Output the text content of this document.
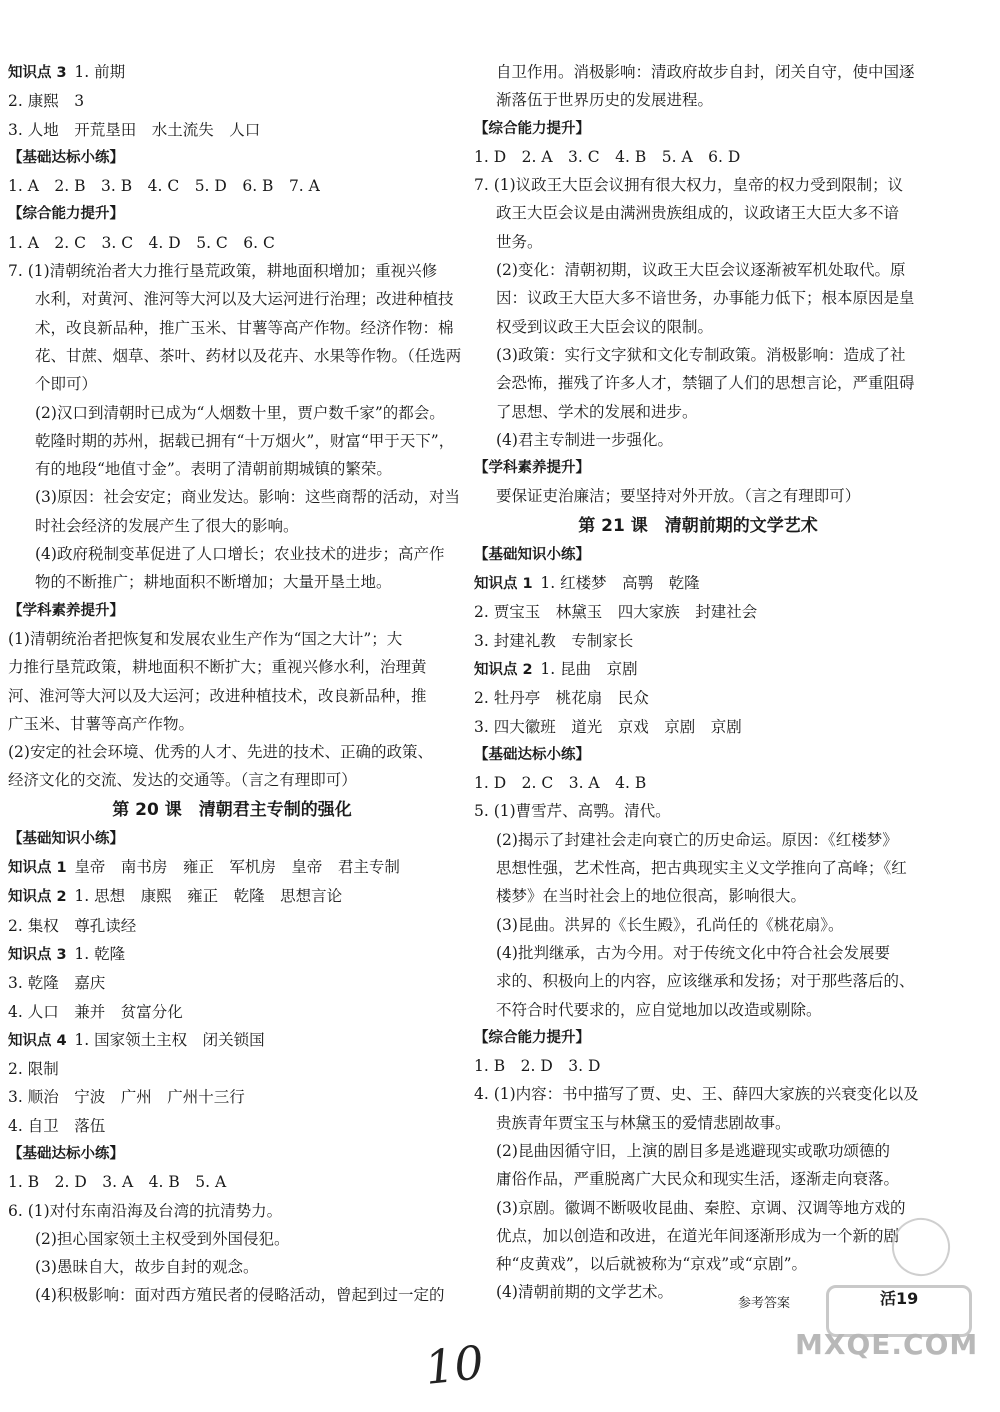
知识点 3  1. 前期
2. 康熙　3
3. 人地　开荒垦田　水土流失　人口
【基础达标小练】
1. A　2. B　3. B　4. C　5. D　6. B　7. A
【综合能力提升】
1. A　2. C　3. C　4. D　5. C　6. C
7. (1)清朝统治者大力推行垦荒政策，耕地面积增加；重视兴修
水利，对黄河、淮河等大河以及大运河进行治理；改进种植技
术，改良新品种，推广玉米、甘薯等高产作物。经济作物：棉
花、甘蔗、烟草、茶叶、药材以及花卉、水果等作物。（任选两
个即可）
(2)汉口到清朝时已成为“人烟数十里，贾户数千家”的都会。
乾隆时期的苏州，据载已拥有“十万烟火”，财富“甲于天下”，
有的地段“地值寸金”。表明了清朝前期城镇的繁荣。
(3)原因：社会安定；商业发达。影响：这些商帮的活动，对当
时社会经济的发展产生了很大的影响。
(4)政府税制变革促进了人口增长；农业技术的进步；高产作
物的不断推广；耕地面积不断增加；大量开垦土地。
【学科素养提升】
(1)清朝统治者把恢复和发展农业生产作为“国之大计”；大
力推行垦荒政策，耕地面积不断扩大；重视兴修水利，治理黄
河、淮河等大河以及大运河；改进种植技术，改良新品种，推
广玉米、甘薯等高产作物。
(2)安定的社会环境、优秀的人才、先进的技术、正确的政策、
经济文化的交流、发达的交通等。（言之有理即可）
第 20 课　清朝君主专制的强化
【基础知识小练】
知识点 1  皇帝　南书房　雍正　军机房　皇帝　君主专制
知识点 2  1. 思想　康熙　雍正　乾隆　思想言论
2. 集权　尊孔读经
知识点 3  1. 乾隆
3. 乾隆　嘉庆
4. 人口　兼并　贫富分化
知识点 4  1. 国家领土主权　闭关锁国
2. 限制
3. 顺治　宁波　广州　广州十三行
4. 自卫　落伍
【基础达标小练】
1. B　2. D　3. A　4. B　5. A
6. (1)对付东南沿海及台湾的抗清势力。
(2)担心国家领土主权受到外国侵犯。
(3)愚昧自大，故步自封的观念。
(4)积极影响：面对西方殖民者的侵略活动，曾起到过一定的
自卫作用。消极影响：清政府故步自封，闭关自守，使中国逐
渐落伍于世界历史的发展进程。
【综合能力提升】
1. D　2. A　3. C　4. B　5. A　6. D
7. (1)议政王大臣会议拥有很大权力，皇帝的权力受到限制；议
政王大臣会议是由满洲贵族组成的，议政诸王大臣大多不谙
世务。
(2)变化：清朝初期，议政王大臣会议逐渐被军机处取代。原
因：议政王大臣大多不谙世务，办事能力低下；根本原因是皇
权受到议政王大臣会议的限制。
(3)政策：实行文字狱和文化专制政策。消极影响：造成了社
会恐怖，摧残了许多人才，禁锢了人们的思想言论，严重阻碍
了思想、学术的发展和进步。
(4)君主专制进一步强化。
【学科素养提升】
要保证吏治廉洁；要坚持对外开放。（言之有理即可）
第 21 课　清朝前期的文学艺术
【基础知识小练】
知识点 1  1. 红楼梦　高鹗　乾隆
2. 贾宝玉　林黛玉　四大家族　封建社会
3. 封建礼教　专制家长
知识点 2  1. 昆曲　京剧
2. 牡丹亭　桃花扇　民众
3. 四大徽班　道光　京戏　京剧　京剧
【基础达标小练】
1. D　2. C　3. A　4. B
5. (1)曹雪芹、高鹗。清代。
(2)揭示了封建社会走向衰亡的历史命运。原因：《红楼梦》
思想性强，艺术性高，把古典现实主义文学推向了高峰；《红
楼梦》在当时社会上的地位很高，影响很大。
(3)昆曲。洪昇的《长生殿》，孔尚任的《桃花扇》。
(4)批判继承，古为今用。对于传统文化中符合社会发展要
求的、积极向上的内容，应该继承和发扬；对于那些落后的、
不符合时代要求的，应自觉地加以改造或剔除。
【综合能力提升】
1. B　2. D　3. D
4. (1)内容：书中描写了贾、史、王、薛四大家族的兴衰变化以及
贵族青年贾宝玉与林黛玉的爱情悲剧故事。
(2)昆曲因循守旧，上演的剧目多是逃避现实或歌功颂德的
庸俗作品，严重脱离广大民众和现实生活，逐渐走向衰落。
(3)京剧。徽调不断吸收昆曲、秦腔、京调、汉调等地方戏的
优点，加以创造和改进，在道光年间逐渐形成为一个新的剧
种“皮黄戏”，以后就被称为“京戏”或“京剧”。
(4)清朝前期的文学艺术。
参考答案	活19
10	MXQE.COM
